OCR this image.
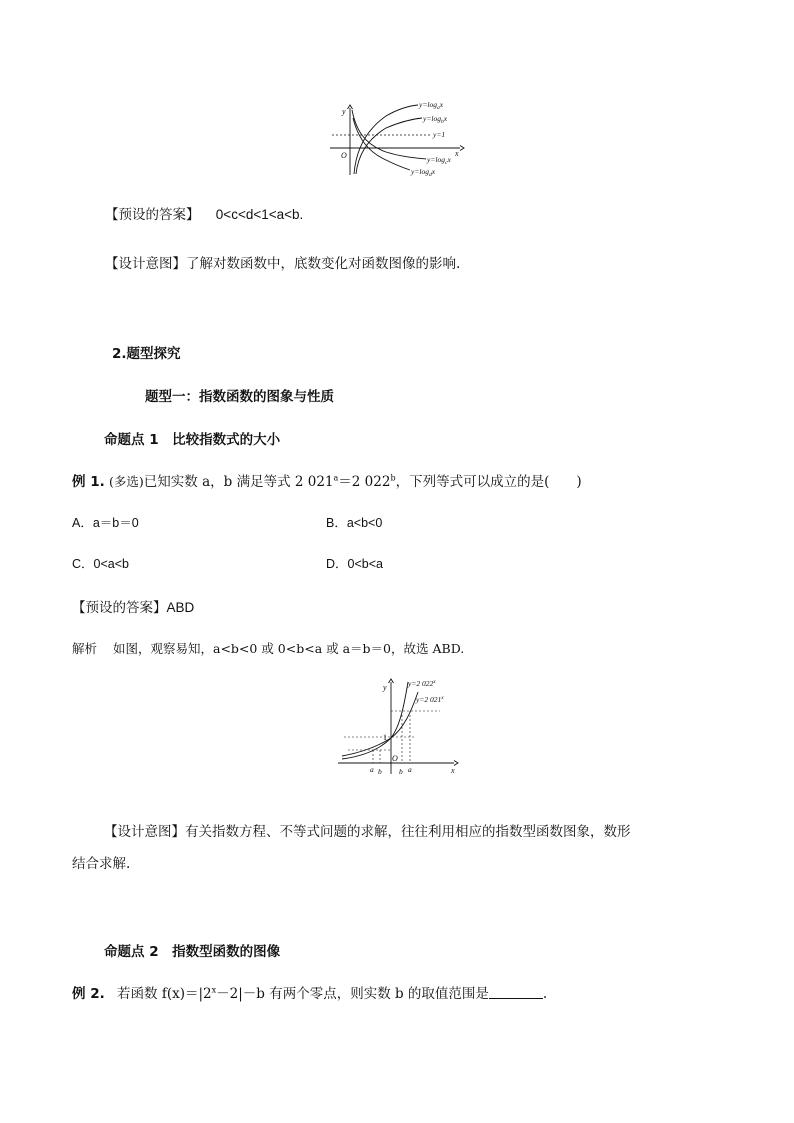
y
x
O
$y=\log_ax$
$y=\log_bx$
y=1
$y=\log_cx$
$y=\log_dx$
【预设的答案】 0<c<d<1<a<b.
【设计意图】了解对数函数中，底数变化对函数图像的影响.
2.题型探究
题型一：指数函数的图象与性质
命题点 1　比较指数式的大小
例 1. (多选)已知实数 a，b 满足等式 2 $021^a=2$ 022$^b$，下列等式可以成立的是(　　)
A．a＝b＝0	B．a<b<0
C．0<a<b	D．0<b<a
【预设的答案】ABD
解析 如图，观察易知，a<b<0 或 0<b<a 或 a＝b＝0，故选 ABD.
y
x
y=2 022$^x$
y=2 021$^x$
1
O
a b b a
【设计意图】有关指数方程、不等式问题的求解，往往利用相应的指数型函数图象，数形
结合求解.
命题点 2　指数型函数的图像
例 2. 若函数 $f(x)=|2^x-2|-b$ 有两个零点，则实数 b 的取值范围是	.
